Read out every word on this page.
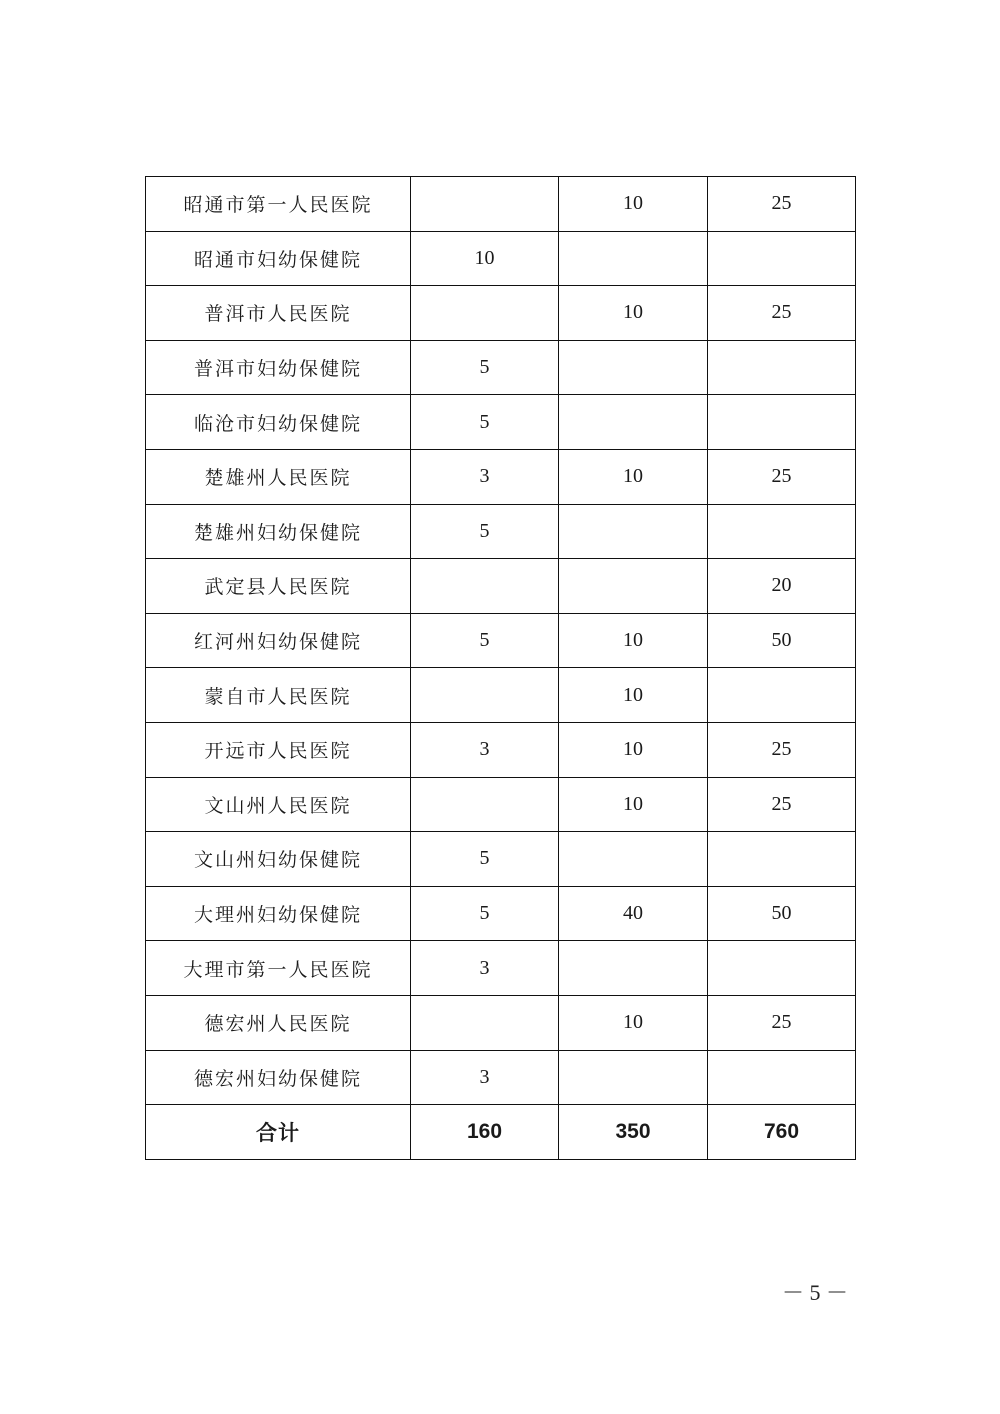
昭通市第一人民医院		10	25
昭通市妇幼保健院	10		
普洱市人民医院		10	25
普洱市妇幼保健院	5		
临沧市妇幼保健院	5		
楚雄州人民医院	3	10	25
楚雄州妇幼保健院	5		
武定县人民医院			20
红河州妇幼保健院	5	10	50
蒙自市人民医院		10	
开远市人民医院	3	10	25
文山州人民医院		10	25
文山州妇幼保健院	5		
大理州妇幼保健院	5	40	50
大理市第一人民医院	3		
德宏州人民医院		10	25
德宏州妇幼保健院	3		
合计	160	350	760
－ 5 －
